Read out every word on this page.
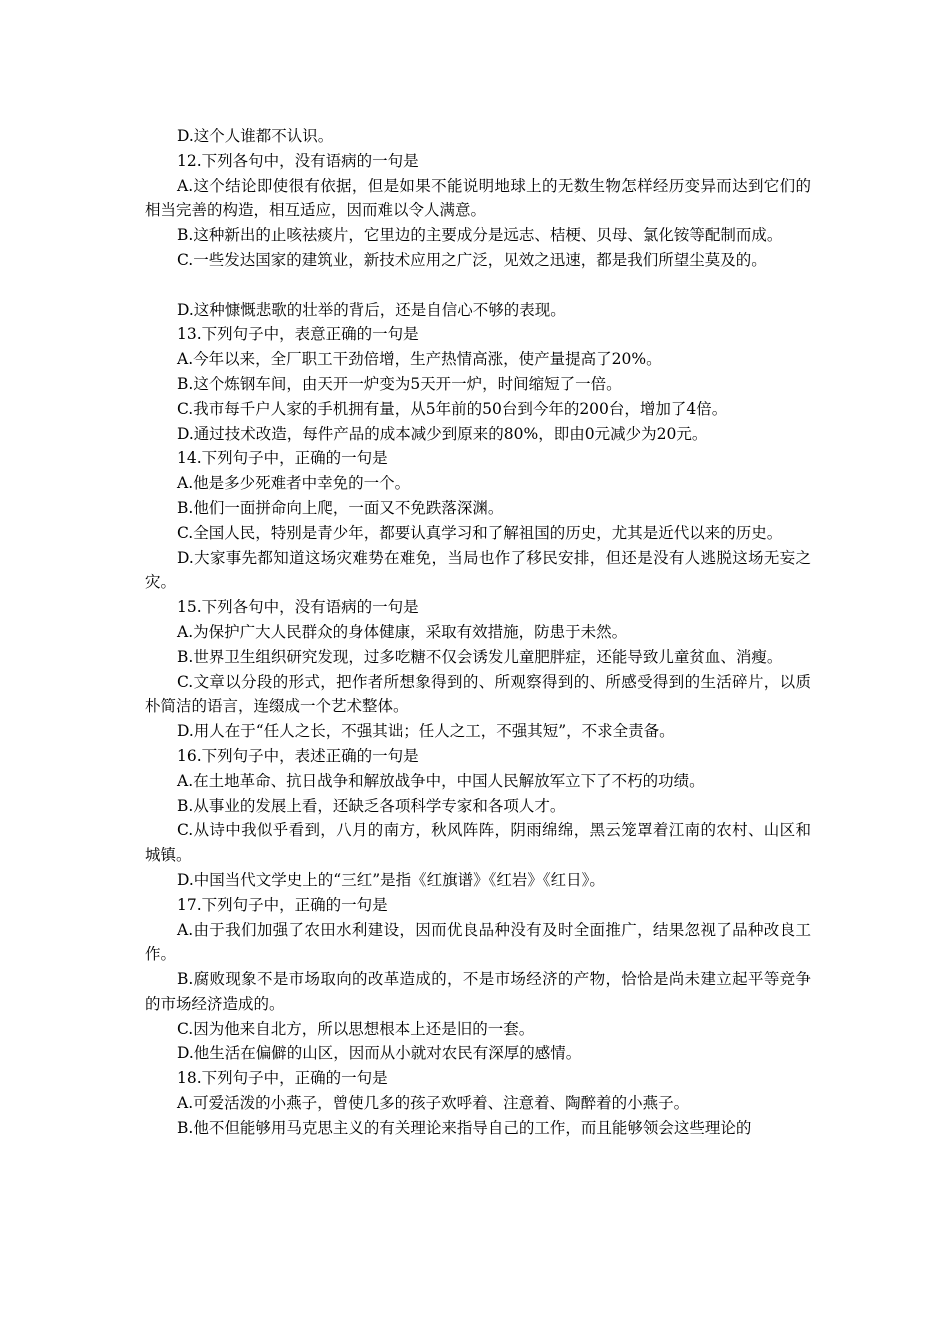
D.这个人谁都不认识。

12.下列各句中，没有语病的一句是

A.这个结论即使很有依据，但是如果不能说明地球上的无数生物怎样经历变异而达到它们的相当完善的构造，相互适应，因而难以令人满意。

B.这种新出的止咳祛痰片，它里边的主要成分是远志、桔梗、贝母、氯化铵等配制而成。

C.一些发达国家的建筑业，新技术应用之广泛，见效之迅速，都是我们所望尘莫及的。

D.这种慷慨悲歌的壮举的背后，还是自信心不够的表现。

13.下列句子中，表意正确的一句是

A.今年以来，全厂职工干劲倍增，生产热情高涨，使产量提高了20%。

B.这个炼钢车间，由天开一炉变为5天开一炉，时间缩短了一倍。

C.我市每千户人家的手机拥有量，从5年前的50台到今年的200台，增加了4倍。

D.通过技术改造，每件产品的成本减少到原来的80%，即由0元减少为20元。

14.下列句子中，正确的一句是

A.他是多少死难者中幸免的一个。

B.他们一面拼命向上爬，一面又不免跌落深渊。

C.全国人民，特别是青少年，都要认真学习和了解祖国的历史，尤其是近代以来的历史。

D.大家事先都知道这场灾难势在难免，当局也作了移民安排，但还是没有人逃脱这场无妄之灾。

15.下列各句中，没有语病的一句是

A.为保护广大人民群众的身体健康，采取有效措施，防患于未然。

B.世界卫生组织研究发现，过多吃糖不仅会诱发儿童肥胖症，还能导致儿童贫血、消瘦。

C.文章以分段的形式，把作者所想象得到的、所观察得到的、所感受得到的生活碎片，以质朴简洁的语言，连缀成一个艺术整体。

D.用人在于“任人之长，不强其诎；任人之工，不强其短”，不求全责备。

16.下列句子中，表述正确的一句是

A.在土地革命、抗日战争和解放战争中，中国人民解放军立下了不朽的功绩。

B.从事业的发展上看，还缺乏各项科学专家和各项人才。

C.从诗中我似乎看到，八月的南方，秋风阵阵，阴雨绵绵，黑云笼罩着江南的农村、山区和城镇。

D.中国当代文学史上的“三红”是指《红旗谱》《红岩》《红日》。

17.下列句子中，正确的一句是

A.由于我们加强了农田水利建设，因而优良品种没有及时全面推广，结果忽视了品种改良工作。

B.腐败现象不是市场取向的改革造成的，不是市场经济的产物，恰恰是尚未建立起平等竞争的市场经济造成的。

C.因为他来自北方，所以思想根本上还是旧的一套。

D.他生活在偏僻的山区，因而从小就对农民有深厚的感情。

18.下列句子中，正确的一句是

A.可爱活泼的小燕子，曾使几多的孩子欢呼着、注意着、陶醉着的小燕子。

B.他不但能够用马克思主义的有关理论来指导自己的工作，而且能够领会这些理论的
